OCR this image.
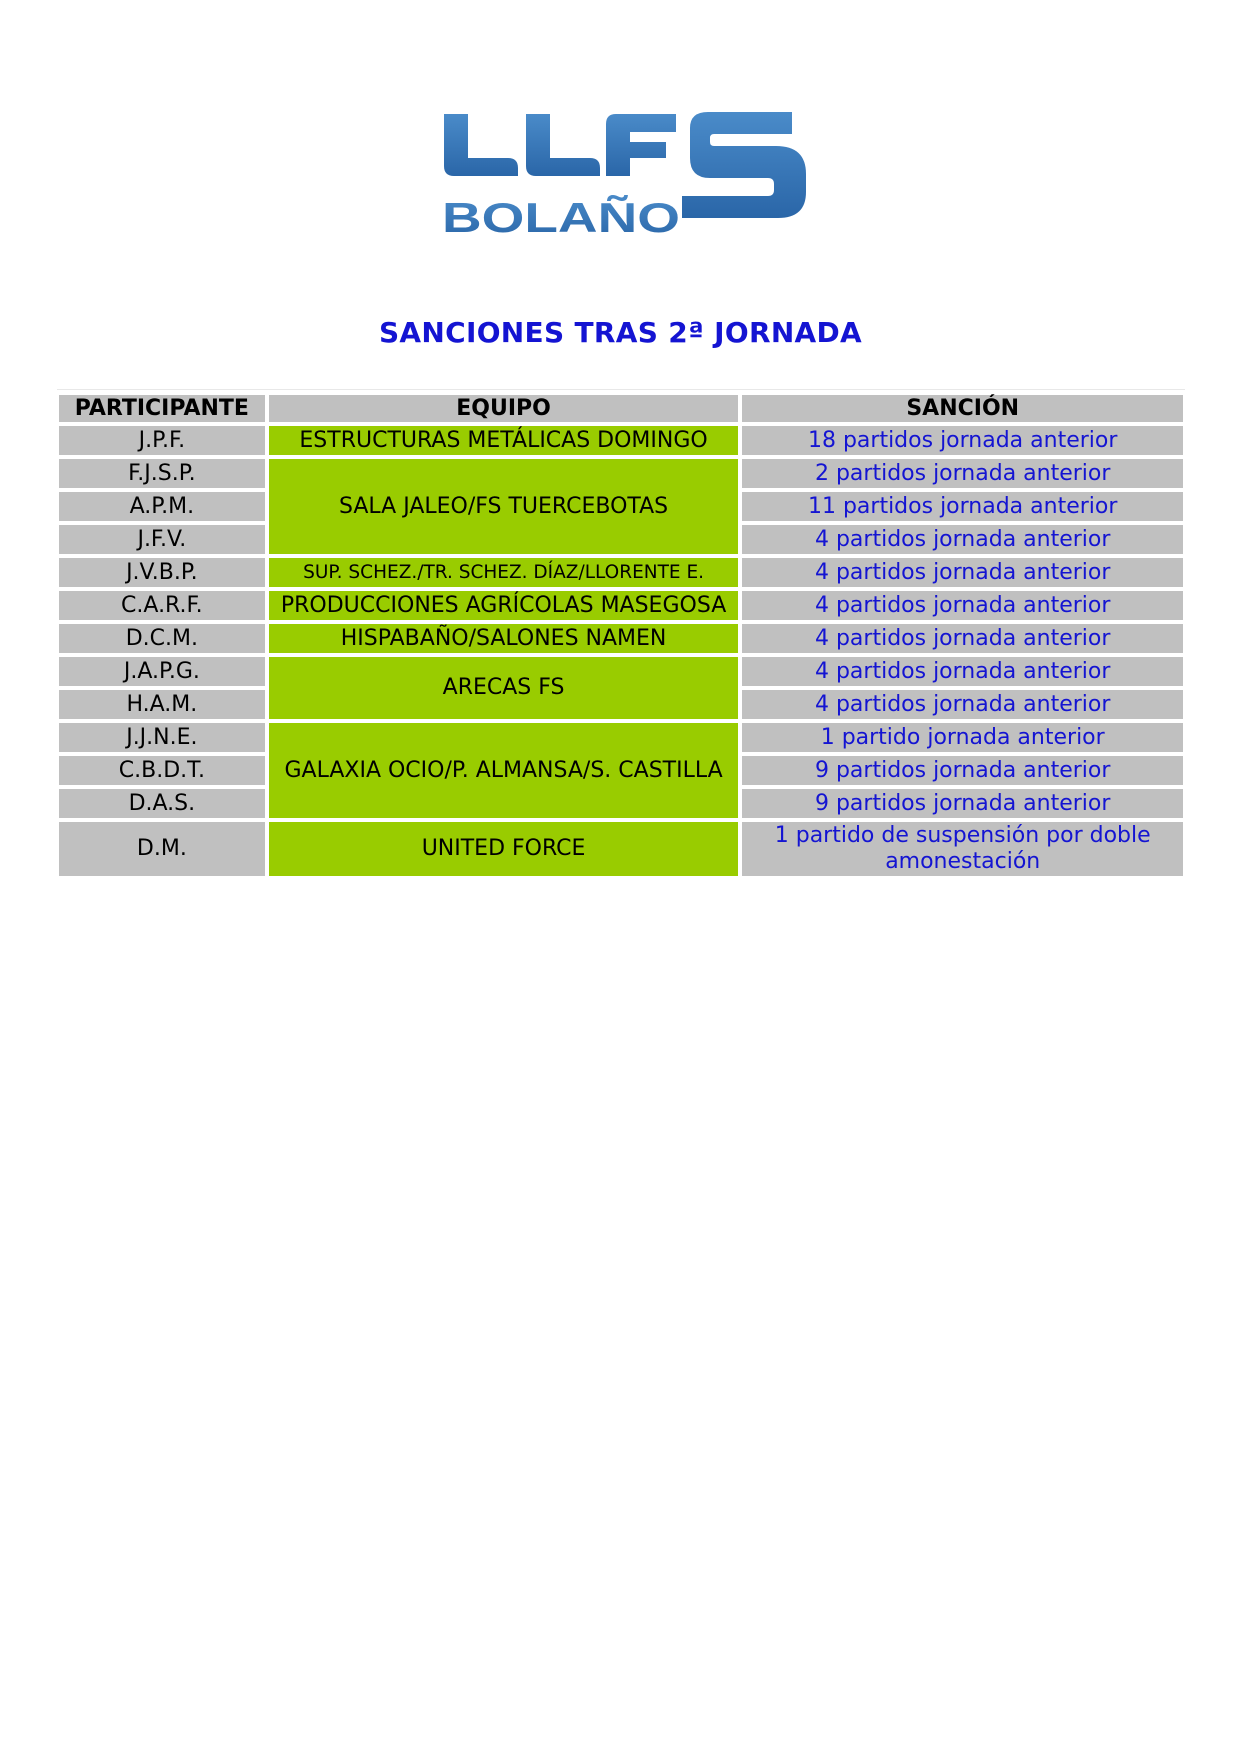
BOLAÑO
SANCIONES TRAS 2ª JORNADA
PARTICIPANTE	EQUIPO	SANCIÓN
J.P.F.	ESTRUCTURAS METÁLICAS DOMINGO	18 partidos jornada anterior
F.J.S.P.	SALA JALEO/FS TUERCEBOTAS	2 partidos jornada anterior
A.P.M.		11 partidos jornada anterior
J.F.V.		4 partidos jornada anterior
J.V.B.P.	SUP. SCHEZ./TR. SCHEZ. DÍAZ/LLORENTE E.	4 partidos jornada anterior
C.A.R.F.	PRODUCCIONES AGRÍCOLAS MASEGOSA	4 partidos jornada anterior
D.C.M.	HISPABAÑO/SALONES NAMEN	4 partidos jornada anterior
J.A.P.G.	ARECAS FS	4 partidos jornada anterior
H.A.M.		4 partidos jornada anterior
J.J.N.E.	GALAXIA OCIO/P. ALMANSA/S. CASTILLA	1 partido jornada anterior
C.B.D.T.		9 partidos jornada anterior
D.A.S.		9 partidos jornada anterior
D.M.	UNITED FORCE	1 partido de suspensión por doble amonestación
